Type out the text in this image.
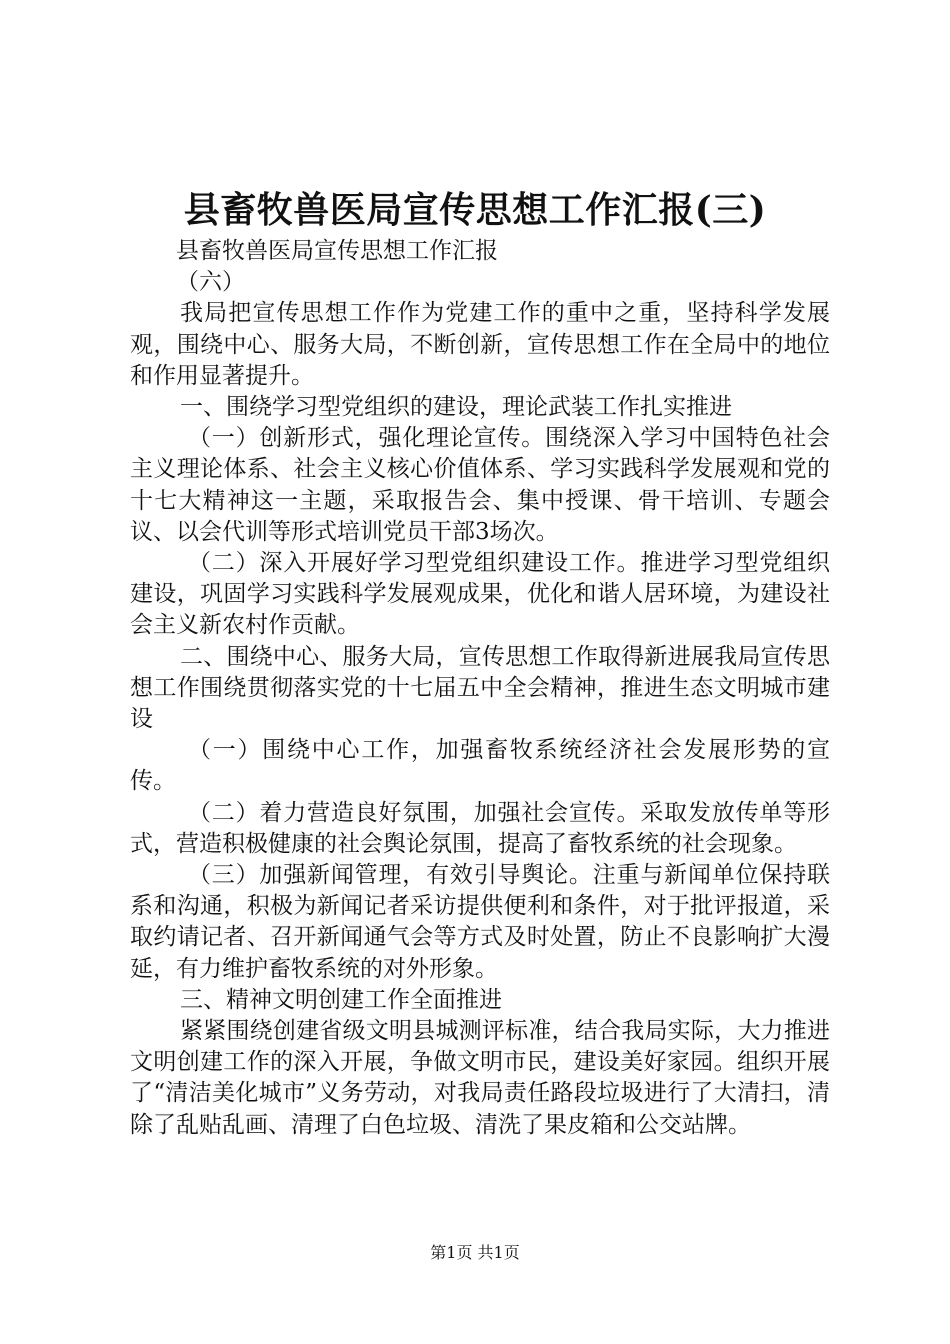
县畜牧兽医局宣传思想工作汇报(三)

县畜牧兽医局宣传思想工作汇报

（六）

我局把宣传思想工作作为党建工作的重中之重，坚持科学发展观，围绕中心、服务大局，不断创新，宣传思想工作在全局中的地位和作用显著提升。

一、围绕学习型党组织的建设，理论武装工作扎实推进

（一）创新形式，强化理论宣传。围绕深入学习中国特色社会主义理论体系、社会主义核心价值体系、学习实践科学发展观和党的十七大精神这一主题，采取报告会、集中授课、骨干培训、专题会议、以会代训等形式培训党员干部3场次。

（二）深入开展好学习型党组织建设工作。推进学习型党组织建设，巩固学习实践科学发展观成果，优化和谐人居环境，为建设社会主义新农村作贡献。

二、围绕中心、服务大局，宣传思想工作取得新进展我局宣传思想工作围绕贯彻落实党的十七届五中全会精神，推进生态文明城市建设

（一）围绕中心工作，加强畜牧系统经济社会发展形势的宣传。

（二）着力营造良好氛围，加强社会宣传。采取发放传单等形式，营造积极健康的社会舆论氛围，提高了畜牧系统的社会现象。

（三）加强新闻管理，有效引导舆论。注重与新闻单位保持联系和沟通，积极为新闻记者采访提供便利和条件，对于批评报道，采取约请记者、召开新闻通气会等方式及时处置，防止不良影响扩大漫延，有力维护畜牧系统的对外形象。

三、精神文明创建工作全面推进

紧紧围绕创建省级文明县城测评标准，结合我局实际，大力推进文明创建工作的深入开展，争做文明市民，建设美好家园。组织开展了“清洁美化城市”义务劳动，对我局责任路段垃圾进行了大清扫，清除了乱贴乱画、清理了白色垃圾、清洗了果皮箱和公交站牌。

第1页 共1页
